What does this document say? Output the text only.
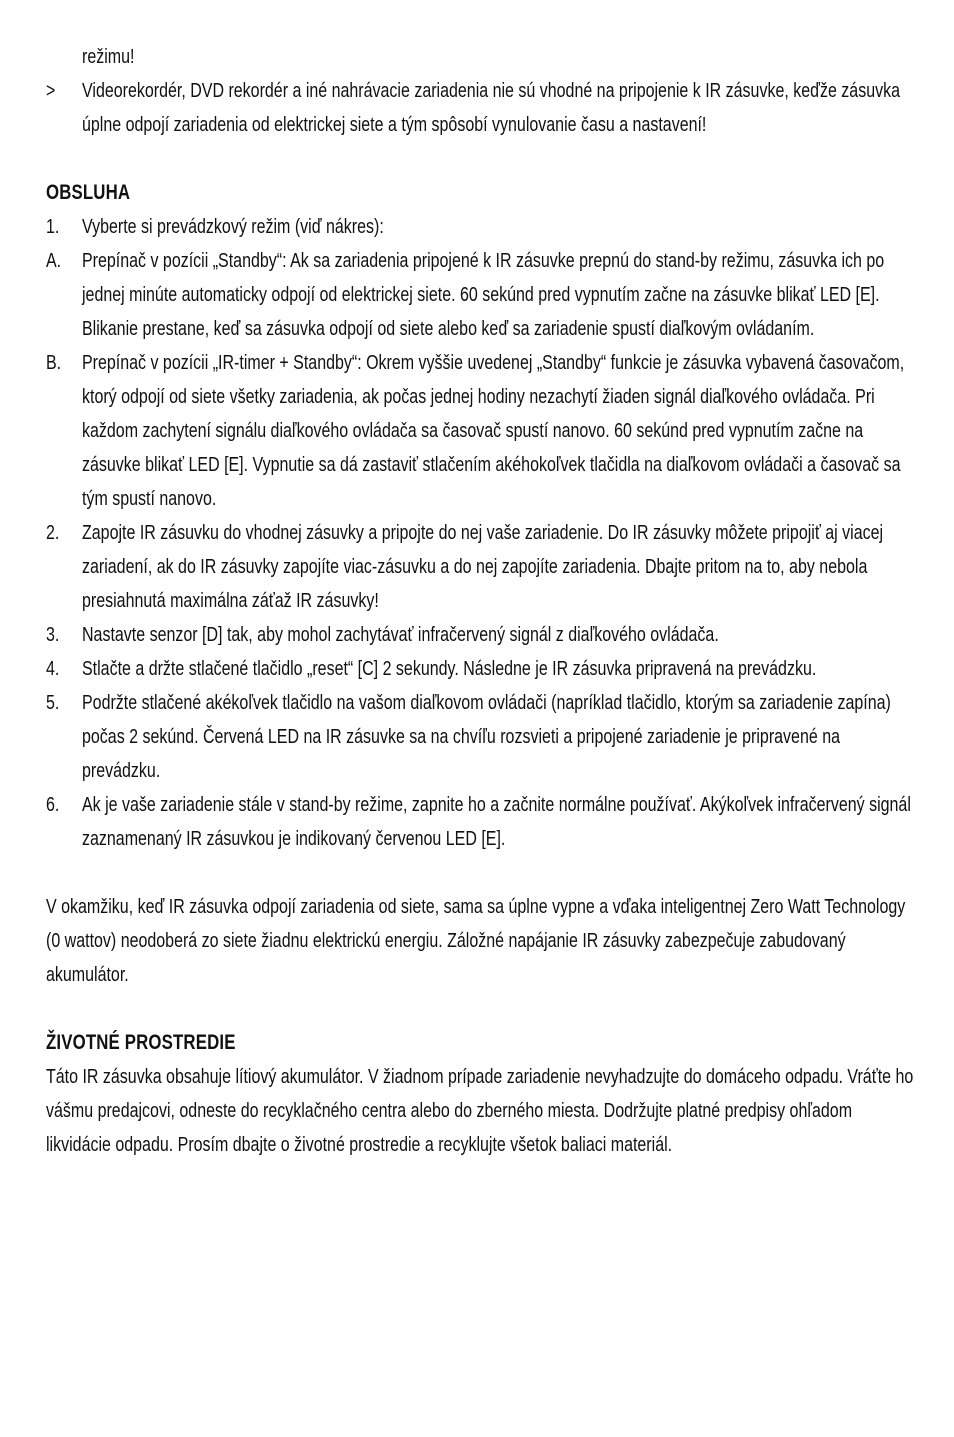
režimu!
>	Videorekordér, DVD rekordér a iné nahrávacie zariadenia nie sú vhodné na pripojenie k IR zásuvke, keďže zásuvka úplne odpojí zariadenia od elektrickej siete a tým spôsobí vynulovanie času a nastavení!
OBSLUHA
1.	Vyberte si prevádzkový režim (viď nákres):
A.	Prepínač v pozícii „Standby“: Ak sa zariadenia pripojené k IR zásuvke prepnú do stand-by režimu, zásuvka ich po jednej minúte automaticky odpojí od elektrickej siete. 60 sekúnd pred vypnutím začne na zásuvke blikať LED [E]. Blikanie prestane, keď sa zásuvka odpojí od siete alebo keď sa zariadenie spustí diaľkovým ovládaním.
B.	Prepínač v pozícii „IR-timer + Standby“: Okrem vyššie uvedenej „Standby“ funkcie je zásuvka vybavená časovačom, ktorý odpojí od siete všetky zariadenia, ak počas jednej hodiny nezachytí žiaden signál diaľkového ovládača. Pri každom zachytení signálu diaľkového ovládača sa časovač spustí nanovo. 60 sekúnd pred vypnutím začne na zásuvke blikať LED [E]. Vypnutie sa dá zastaviť stlačením akéhokoľvek tlačidla na diaľkovom ovládači a časovač sa tým spustí nanovo.
2.	Zapojte IR zásuvku do vhodnej zásuvky a pripojte do nej vaše zariadenie. Do IR zásuvky môžete pripojiť aj viacej zariadení, ak do IR zásuvky zapojíte viac-zásuvku a do nej zapojíte zariadenia. Dbajte pritom na to, aby nebola presiahnutá maximálna záťaž IR zásuvky!
3.	Nastavte senzor [D] tak, aby mohol zachytávať infračervený signál z diaľkového ovládača.
4.	Stlačte a držte stlačené tlačidlo „reset“ [C] 2 sekundy. Následne je IR zásuvka pripravená na prevádzku.
5.	Podržte stlačené akékoľvek tlačidlo na vašom diaľkovom ovládači (napríklad tlačidlo, ktorým sa zariadenie zapína) počas 2 sekúnd. Červená LED na IR zásuvke sa na chvíľu rozsvieti a pripojené zariadenie je pripravené na prevádzku.
6.	Ak je vaše zariadenie stále v stand-by režime, zapnite ho a začnite normálne používať. Akýkoľvek infračervený signál zaznamenaný IR zásuvkou je indikovaný červenou LED [E].

V okamžiku, keď IR zásuvka odpojí zariadenia od siete, sama sa úplne vypne a vďaka inteligentnej Zero Watt Technology (0 wattov) neodoberá zo siete žiadnu elektrickú energiu. Záložné napájanie IR zásuvky zabezpečuje zabudovaný akumulátor.

ŽIVOTNÉ PROSTREDIE

Táto IR zásuvka obsahuje lítiový akumulátor. V žiadnom prípade zariadenie nevyhadzujte do domáceho odpadu. Vráťte ho vášmu predajcovi, odneste do recyklačného centra alebo do zberného miesta. Dodržujte platné predpisy ohľadom likvidácie odpadu. Prosím dbajte o životné prostredie a recyklujte všetok baliaci materiál.
